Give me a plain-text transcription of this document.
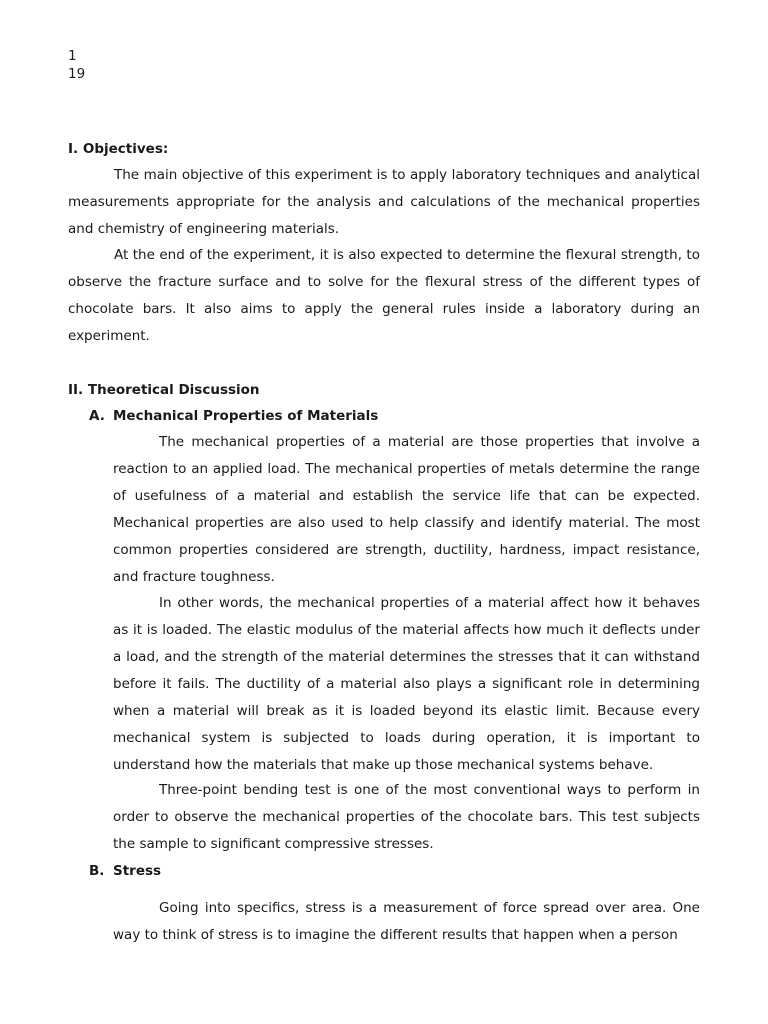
1
19
I. Objectives:

The main objective of this experiment is to apply laboratory techniques and analytical measurements appropriate for the analysis and calculations of the mechanical properties and chemistry of engineering materials.

At the end of the experiment, it is also expected to determine the flexural strength, to observe the fracture surface and to solve for the flexural stress of the different types of chocolate bars. It also aims to apply the general rules inside a laboratory during an experiment.

II. Theoretical Discussion
A. Mechanical Properties of Materials

The mechanical properties of a material are those properties that involve a reaction to an applied load. The mechanical properties of metals determine the range of usefulness of a material and establish the service life that can be expected. Mechanical properties are also used to help classify and identify material. The most common properties considered are strength, ductility, hardness, impact resistance, and fracture toughness.

In other words, the mechanical properties of a material affect how it behaves as it is loaded. The elastic modulus of the material affects how much it deflects under a load, and the strength of the material determines the stresses that it can withstand before it fails. The ductility of a material also plays a significant role in determining when a material will break as it is loaded beyond its elastic limit. Because every mechanical system is subjected to loads during operation, it is important to understand how the materials that make up those mechanical systems behave.

Three-point bending test is one of the most conventional ways to perform in order to observe the mechanical properties of the chocolate bars. This test subjects the sample to significant compressive stresses.

B. Stress

Going into specifics, stress is a measurement of force spread over area. One way to think of stress is to imagine the different results that happen when a person
